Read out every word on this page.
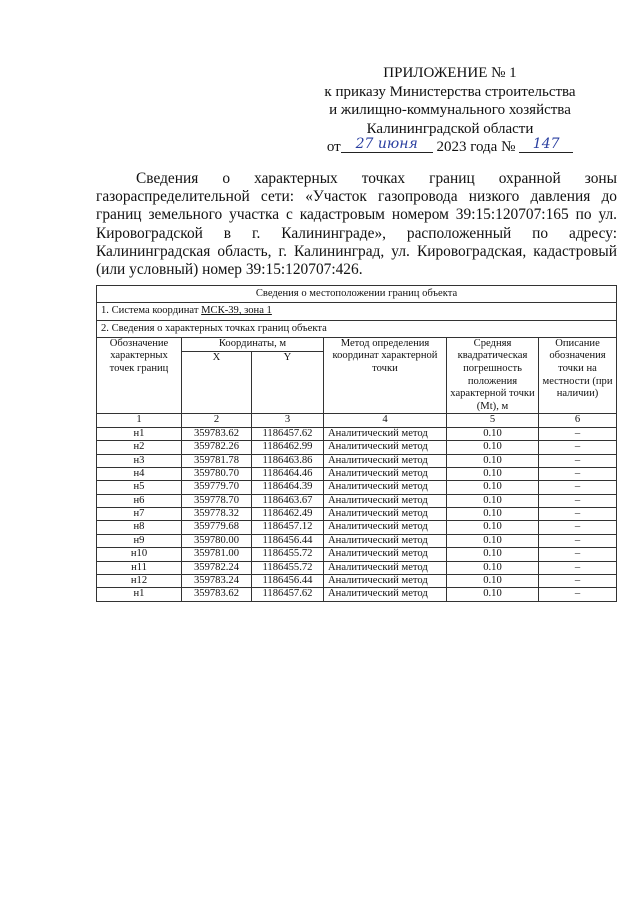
ПРИЛОЖЕНИЕ № 1
к приказу Министерства строительства
и жилищно-коммунального хозяйства
Калининградской области
от 27 июня 2023 года № 147
Сведения о характерных точках границ охранной зоны газораспределительной сети: «Участок газопровода низкого давления до границ земельного участка с кадастровым номером 39:15:120707:165 по ул. Кировоградской в г. Калининграде», расположенный по адресу: Калининградская область, г. Калининград, ул. Кировоградская, кадастровый (или условный) номер 39:15:120707:426.
Сведения о местоположении границ объекта					
1. Система координат МСК-39, зона 1					
2. Сведения о характерных точках границ объекта					
Обозначение характерных точек границ	Координаты, м		Метод определения координат характерной точки	Средняя квадратическая погрешность положения характерной точки (Mt), м	Описание обозначения точки на местности (при наличии)
	X	Y			
1	2	3	4	5	6
н1	359783.62	1186457.62	Аналитический метод	0.10	–
н2	359782.26	1186462.99	Аналитический метод	0.10	–
н3	359781.78	1186463.86	Аналитический метод	0.10	–
н4	359780.70	1186464.46	Аналитический метод	0.10	–
н5	359779.70	1186464.39	Аналитический метод	0.10	–
н6	359778.70	1186463.67	Аналитический метод	0.10	–
н7	359778.32	1186462.49	Аналитический метод	0.10	–
н8	359779.68	1186457.12	Аналитический метод	0.10	–
н9	359780.00	1186456.44	Аналитический метод	0.10	–
н10	359781.00	1186455.72	Аналитический метод	0.10	–
н11	359782.24	1186455.72	Аналитический метод	0.10	–
н12	359783.24	1186456.44	Аналитический метод	0.10	–
н1	359783.62	1186457.62	Аналитический метод	0.10	–
